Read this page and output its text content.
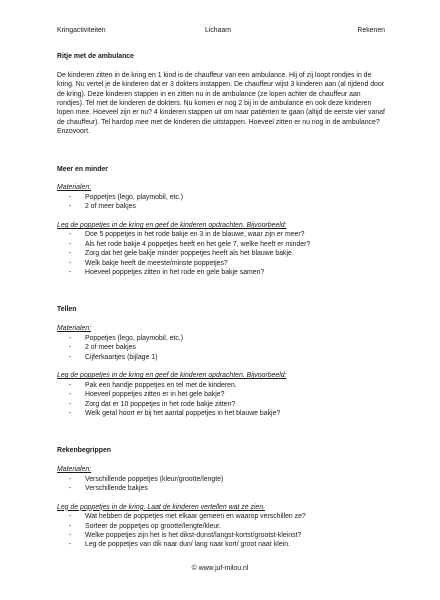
Kringactiviteiten	Lichaam	Rekenen

Ritje met de ambulance

De kinderen zitten in de kring en 1 kind is de chauffeur van een ambulance. Hij of zij loopt rondjes in de kring. Nu vertel je de kinderen dat er 3 dokters instappen. De chauffeur wijst 3 kinderen aan (al rijdend door de kring). Deze kinderen stappen in en zitten nu in de ambulance (ze lopen achter de chauffeur aan rondjes). Tel met de kinderen de dokters. Nu komen er nog 2 bij in de ambulance en ook deze kinderen lopen mee. Hoeveel zijn er nu? 4 kinderen stappen uit om naar patiënten te gaan (altijd de eerste vier vanaf de chauffeur). Tel hardop mee met de kinderen die uitstappen. Hoeveel zitten er nu nog in de ambulance? Enzovoort.

Meer en minder

Materialen:

- Poppetjes (lego, playmobil, etc.)
- 2 of meer bakjes

Leg de poppetjes in de kring en geef de kinderen opdrachten. Bijvoorbeeld:

- Doe 5 poppetjes in het rode bakje en 3 in de blauwe, waar zijn er meer?
- Als het rode bakje 4 poppetjes heeft en het gele 7, welke heeft er minder?
- Zorg dat het gele bakje minder poppetjes heeft als het blauwe bakje.
- Welk bakje heeft de meeste/minste poppetjes?
- Hoeveel poppetjes zitten in het rode en gele bakje samen?

Tellen

Materialen:

- Poppetjes (lego, playmobil, etc.)
- 2 of meer bakjes
- Cijferkaartjes (bijlage 1)

Leg de poppetjes in de kring en geef de kinderen opdrachten. Bijvoorbeeld:

- Pak een handje poppetjes en tel met de kinderen.
- Hoeveel poppetjes zitten er in het gele bakje?
- Zorg dat er 10 poppetjes in het rode bakje zitten?
- Welk getal hoort er bij het aantal poppetjes in het blauwe bakje?

Rekenbegrippen

Materialen:

- Verschillende poppetjes (kleur/grootte/lengte)
- Verschillende bakjes

Leg de poppetjes in de kring. Laat de kinderen vertellen wat ze zien.

- Wat hebben de poppetjes met elkaar gemeen en waarop verschillen ze?
- Sorteer de poppetjes op grootte/lengte/kleur.
- Welke poppetjes zijn het is het dikst-dunst/langst-kortst/grootst-kleinst?
- Leg de poppetjes van dik naar dun/ lang naar kort/ groot naar klein.
© www.juf-milou.nl
